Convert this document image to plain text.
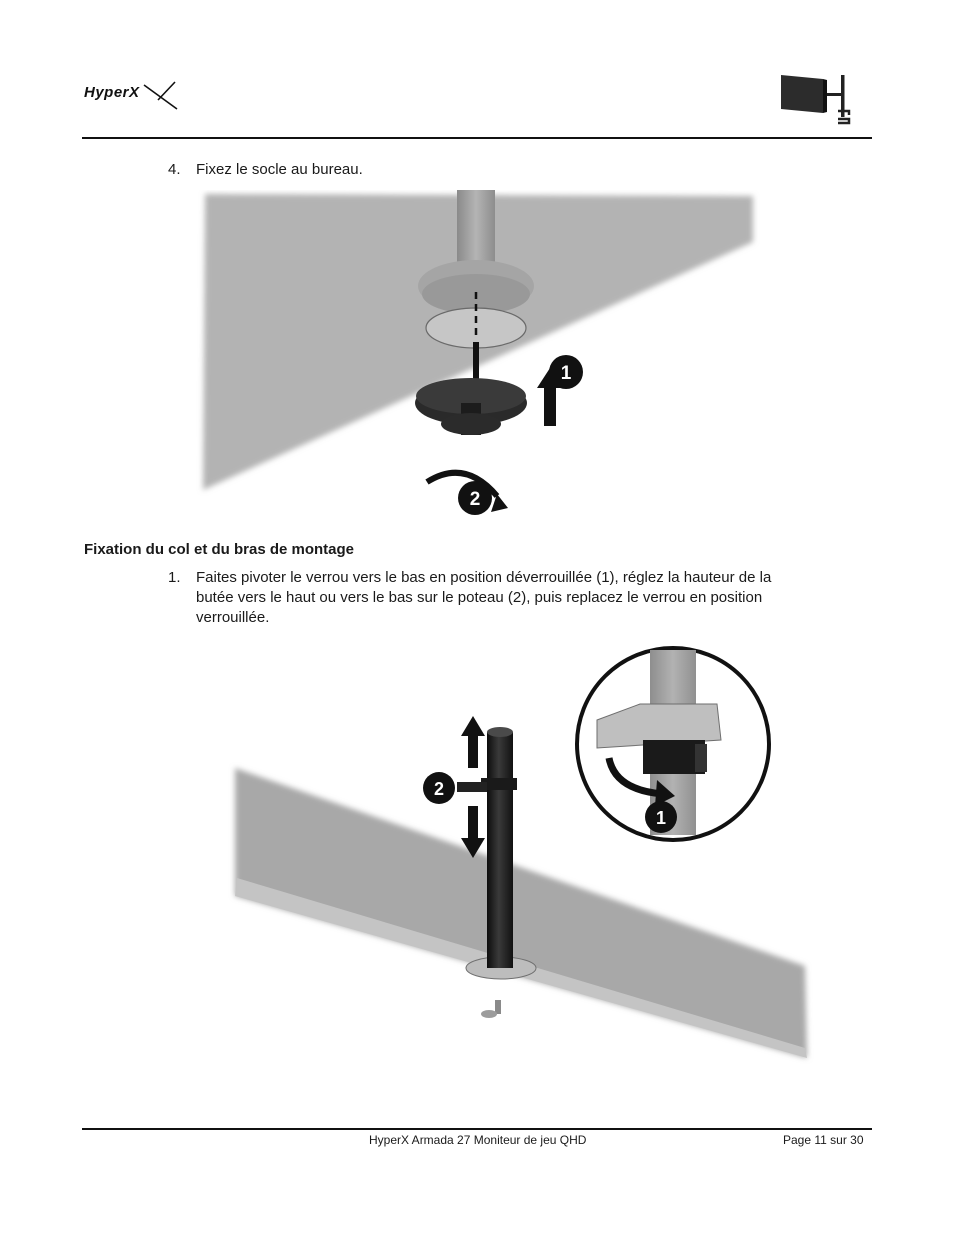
HyperX
4. Fixez le socle au bureau.
1
2
Fixation du col et du bras de montage
1. Faites pivoter le verrou vers le bas en position déverrouillée (1), réglez la hauteur de la
butée vers le haut ou vers le bas sur le poteau (2), puis replacez le verrou en position
verrouillée.
2
1
HyperX Armada 27 Moniteur de jeu QHD	Page 11 sur 30
